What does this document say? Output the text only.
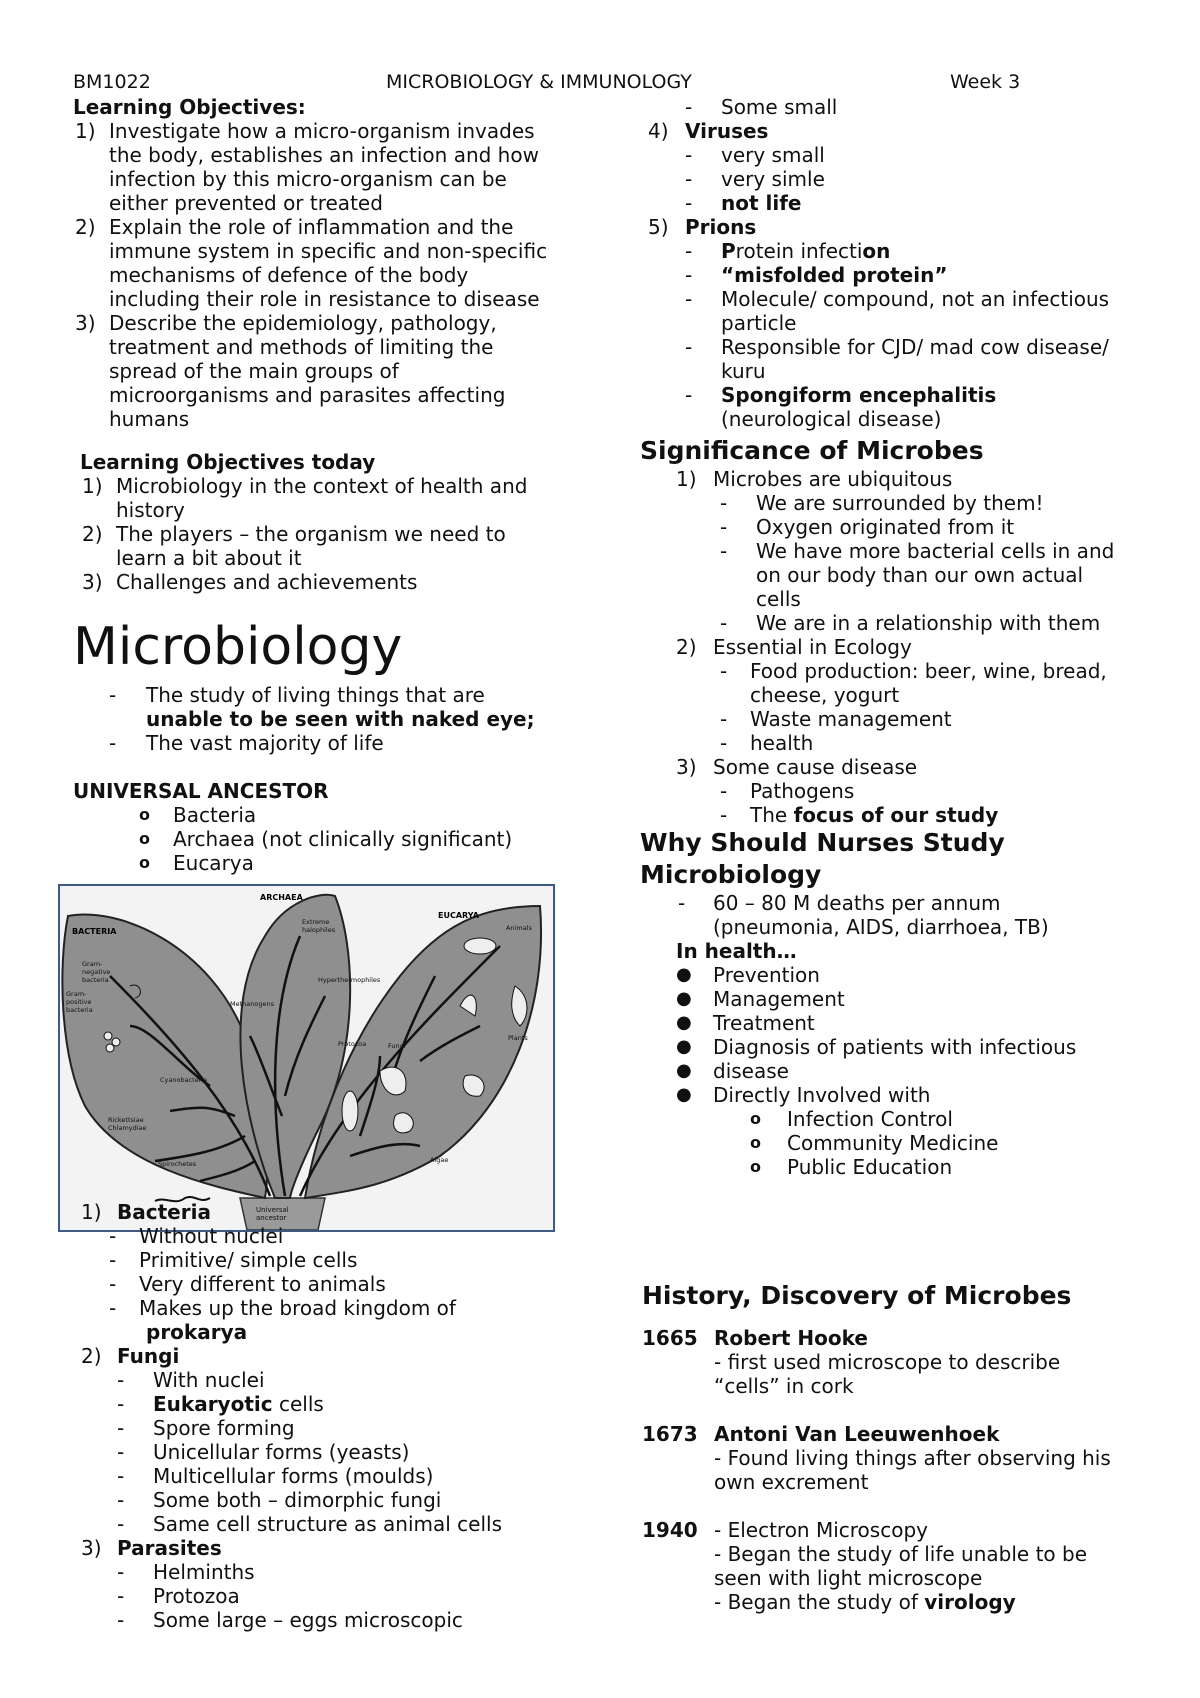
BM1022	MICROBIOLOGY & IMMUNOLOGY	Week 3
Learning Objectives:
1) Investigate how a micro-organism invades
the body, establishes an infection and how
infection by this micro-organism can be
either prevented or treated
2) Explain the role of inflammation and the
immune system in specific and non-specific
mechanisms of defence of the body
including their role in resistance to disease
3) Describe the epidemiology, pathology,
treatment and methods of limiting the
spread of the main groups of
microorganisms and parasites affecting
humans
Learning Objectives today
1) Microbiology in the context of health and
history
2) The players – the organism we need to
learn a bit about it
3) Challenges and achievements
Microbiology
- The study of living things that are
unable to be seen with naked eye;
- The vast majority of life
UNIVERSAL ANCESTOR
o Bacteria
o Archaea (not clinically significant)
o Eucarya
Universal
ancestor
BACTERIA
ARCHAEA
EUCARYA
Gram-
negative
bacteria
Gram-
positive
bacteria
Cyanobacteria
Rickettsiae
Chlamydiae
Spirochetes
Extreme
halophiles
Hyperthermophiles
Methanogens
Animals
Fungi
Plants
Protozoa
Algae
1) Bacteria
- Without nuclei
- Primitive/ simple cells
- Very different to animals
- Makes up the broad kingdom of
prokarya
2) Fungi
- With nuclei
- Eukaryotic cells
- Spore forming
- Unicellular forms (yeasts)
- Multicellular forms (moulds)
- Some both – dimorphic fungi
- Same cell structure as animal cells
3) Parasites
- Helminths
- Protozoa
- Some large – eggs microscopic
- Some small
4) Viruses
- very small
- very simle
- not life
5) Prions
- Protein infection
- “misfolded protein”
- Molecule/ compound, not an infectious
particle
- Responsible for CJD/ mad cow disease/
kuru
- Spongiform encephalitis
(neurological disease)
Significance of Microbes
1) Microbes are ubiquitous
- We are surrounded by them!
- Oxygen originated from it
- We have more bacterial cells in and
on our body than our own actual
cells
- We are in a relationship with them
2) Essential in Ecology
- Food production: beer, wine, bread,
cheese, yogurt
- Waste management
- health
3) Some cause disease
- Pathogens
- The focus of our study
Why Should Nurses Study
Microbiology
- 60 – 80 M deaths per annum
(pneumonia, AIDS, diarrhoea, TB)
In health…
● Prevention
● Management
● Treatment
● Diagnosis of patients with infectious
● disease
● Directly Involved with
o Infection Control
o Community Medicine
o Public Education
History, Discovery of Microbes
1665 Robert Hooke
- first used microscope to describe
“cells” in cork
1673 Antoni Van Leeuwenhoek
- Found living things after observing his
own excrement
1940 - Electron Microscopy
- Began the study of life unable to be
seen with light microscope
- Began the study of virology
